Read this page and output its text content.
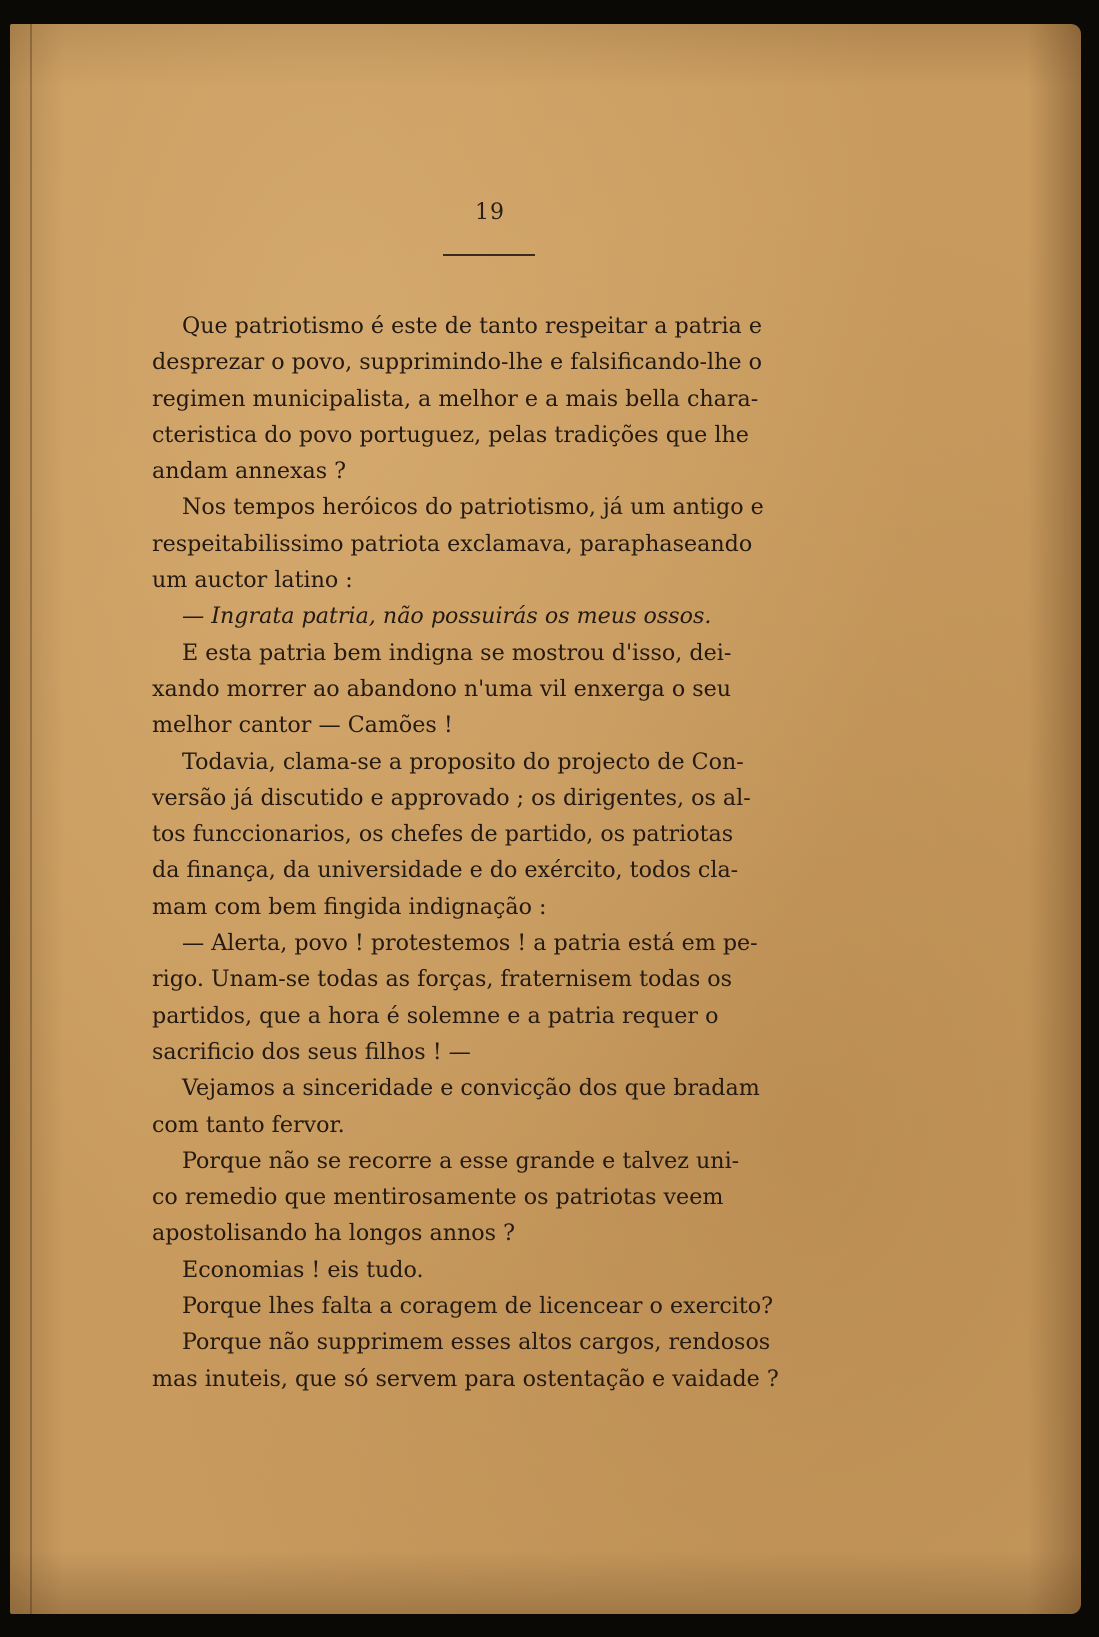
19
Que patriotismo é este de tanto respeitar a patria e
desprezar o povo, supprimindo-lhe e falsificando-lhe o
regimen municipalista, a melhor e a mais bella chara-
cteristica do povo portuguez, pelas tradições que lhe
andam annexas ?
Nos tempos heróicos do patriotismo, já um antigo e
respeitabilissimo patriota exclamava, paraphaseando
um auctor latino :
— Ingrata patria, não possuirás os meus ossos.
E esta patria bem indigna se mostrou d'isso, dei-
xando morrer ao abandono n'uma vil enxerga o seu
melhor cantor — Camões !
Todavia, clama-se a proposito do projecto de Con-
versão já discutido e approvado ; os dirigentes, os al-
tos funccionarios, os chefes de partido, os patriotas
da finança, da universidade e do exército, todos cla-
mam com bem fingida indignação :
— Alerta, povo ! protestemos ! a patria está em pe-
rigo. Unam-se todas as forças, fraternisem todas os
partidos, que a hora é solemne e a patria requer o
sacrificio dos seus filhos ! —
Vejamos a sinceridade e convicção dos que bradam
com tanto fervor.
Porque não se recorre a esse grande e talvez uni-
co remedio que mentirosamente os patriotas veem
apostolisando ha longos annos ?
Economias ! eis tudo.
Porque lhes falta a coragem de licencear o exercito?
Porque não supprimem esses altos cargos, rendosos
mas inuteis, que só servem para ostentação e vaidade ?
